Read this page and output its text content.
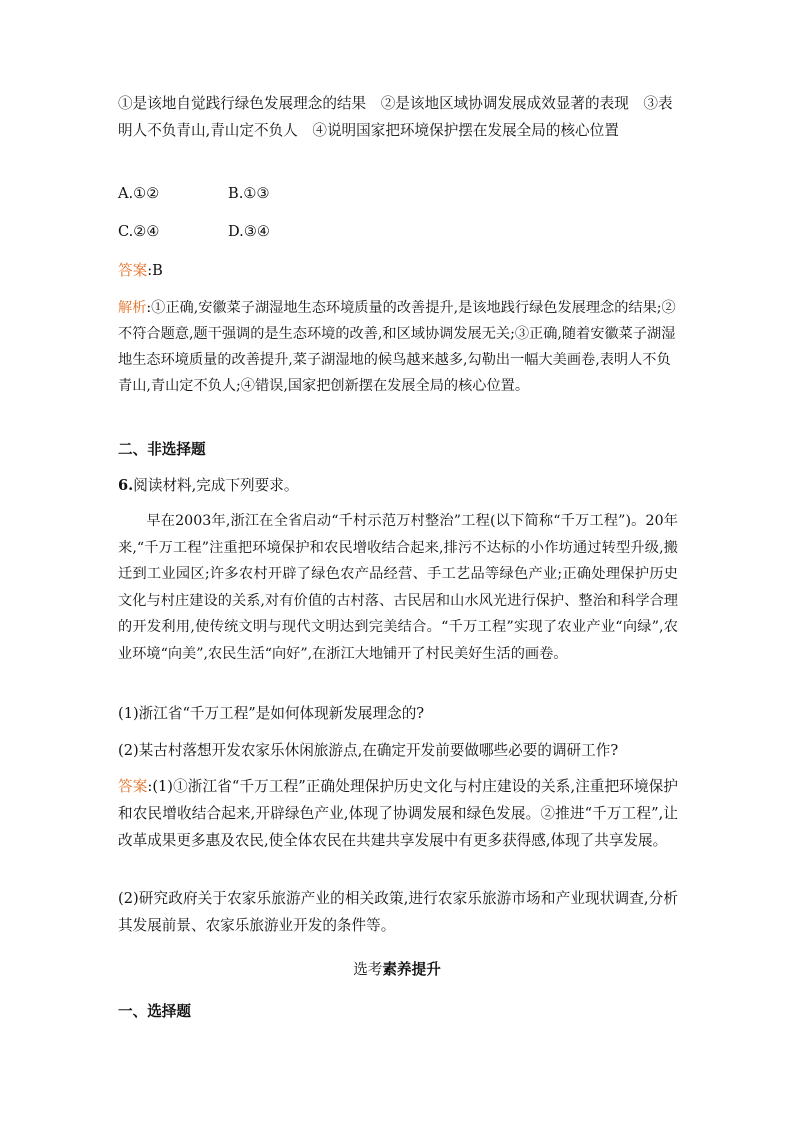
①是该地自觉践行绿色发展理念的结果　②是该地区域协调发展成效显著的表现　③表明人不负青山,青山定不负人　④说明国家把环境保护摆在发展全局的核心位置

A.①②	B.①③
C.②④	D.③④
答案:B
解析:①正确,安徽菜子湖湿地生态环境质量的改善提升,是该地践行绿色发展理念的结果;②不符合题意,题干强调的是生态环境的改善,和区域协调发展无关;③正确,随着安徽菜子湖湿地生态环境质量的改善提升,菜子湖湿地的候鸟越来越多,勾勒出一幅大美画卷,表明人不负青山,青山定不负人;④错误,国家把创新摆在发展全局的核心位置。
二、非选择题
6.阅读材料,完成下列要求。

早在2003年,浙江在全省启动“千村示范万村整治”工程(以下简称“千万工程”)。20年来,“千万工程”注重把环境保护和农民增收结合起来,排污不达标的小作坊通过转型升级,搬迁到工业园区;许多农村开辟了绿色农产品经营、手工艺品等绿色产业;正确处理保护历史文化与村庄建设的关系,对有价值的古村落、古民居和山水风光进行保护、整治和科学合理的开发利用,使传统文明与现代文明达到完美结合。“千万工程”实现了农业产业“向绿”,农业环境“向美”,农民生活“向好”,在浙江大地铺开了村民美好生活的画卷。

(1)浙江省“千万工程”是如何体现新发展理念的?
(2)某古村落想开发农家乐休闲旅游点,在确定开发前要做哪些必要的调研工作?
答案:(1)①浙江省“千万工程”正确处理保护历史文化与村庄建设的关系,注重把环境保护和农民增收结合起来,开辟绿色产业,体现了协调发展和绿色发展。②推进“千万工程”,让改革成果更多惠及农民,使全体农民在共建共享发展中有更多获得感,体现了共享发展。
(2)研究政府关于农家乐旅游产业的相关政策,进行农家乐旅游市场和产业现状调查,分析其发展前景、农家乐旅游业开发的条件等。
选考素养提升
一、选择题
